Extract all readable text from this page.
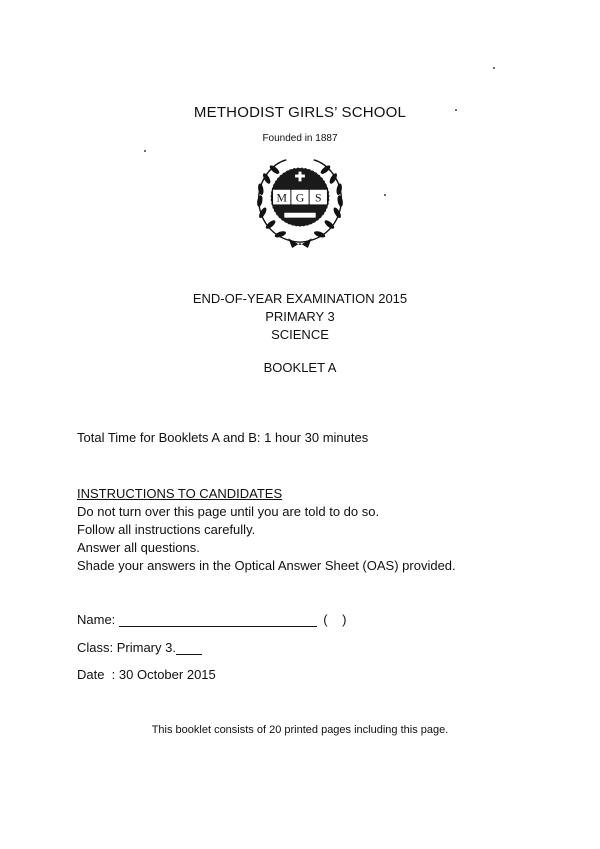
METHODIST GIRLS’ SCHOOL
Founded in 1887
M G S
END-OF-YEAR EXAMINATION 2015
PRIMARY 3
SCIENCE
BOOKLET A
Total Time for Booklets A and B: 1 hour 30 minutes
INSTRUCTIONS TO CANDIDATES
Do not turn over this page until you are told to do so.
Follow all instructions carefully.
Answer all questions.
Shade your answers in the Optical Answer Sheet (OAS) provided.
Name:	(    )
Class: Primary 3.
Date  : 30 October 2015
This booklet consists of 20 printed pages including this page.
